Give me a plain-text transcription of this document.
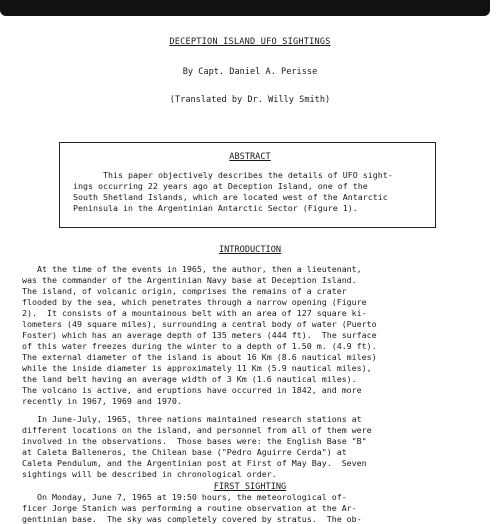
DECEPTION ISLAND UFO SIGHTINGS
By Capt. Daniel A. Perisse
(Translated by Dr. Willy Smith)
ABSTRACT
This paper objectively describes the details of UFO sight-
ings occurring 22 years ago at Deception Island, one of the
South Shetland Islands, which are located west of the Antarctic
Peninsula in the Argentinian Antarctic Sector (Figure 1).
INTRODUCTION
At the time of the events in 1965, the author, then a lieutenant,
was the commander of the Argentinian Navy base at Deception Island.
The island, of volcanic origin, comprises the remains of a crater
flooded by the sea, which penetrates through a narrow opening (Figure
2).  It consists of a mountainous belt with an area of 127 square ki-
lometers (49 square miles), surrounding a central body of water (Puerto
Foster) which has an average depth of 135 meters (444 ft).  The surface
of this water freezes during the winter to a depth of 1.50 m. (4.9 ft).
The external diameter of the island is about 16 Km (8.6 nautical miles)
while the inside diameter is approximately 11 Km (5.9 nautical miles),
the land belt having an average width of 3 Km (1.6 nautical miles).
The volcano is active, and eruptions have occurred in 1842, and more
recently in 1967, 1969 and 1970.
In June-July, 1965, three nations maintained research stations at
different locations on the island, and personnel from all of them were
involved in the observations.  Those bases were: the English Base "B"
at Caleta Balleneros, the Chilean base ("Pedro Aguirre Cerda") at
Caleta Pendulum, and the Argentinian post at First of May Bay.  Seven
sightings will be described in chronological order.
FIRST SIGHTING
On Monday, June 7, 1965 at 19:50 hours, the meteorological of-
ficer Jorge Stanich was performing a routine observation at the Ar-
gentinian base.  The sky was completely covered by stratus.  The ob-
